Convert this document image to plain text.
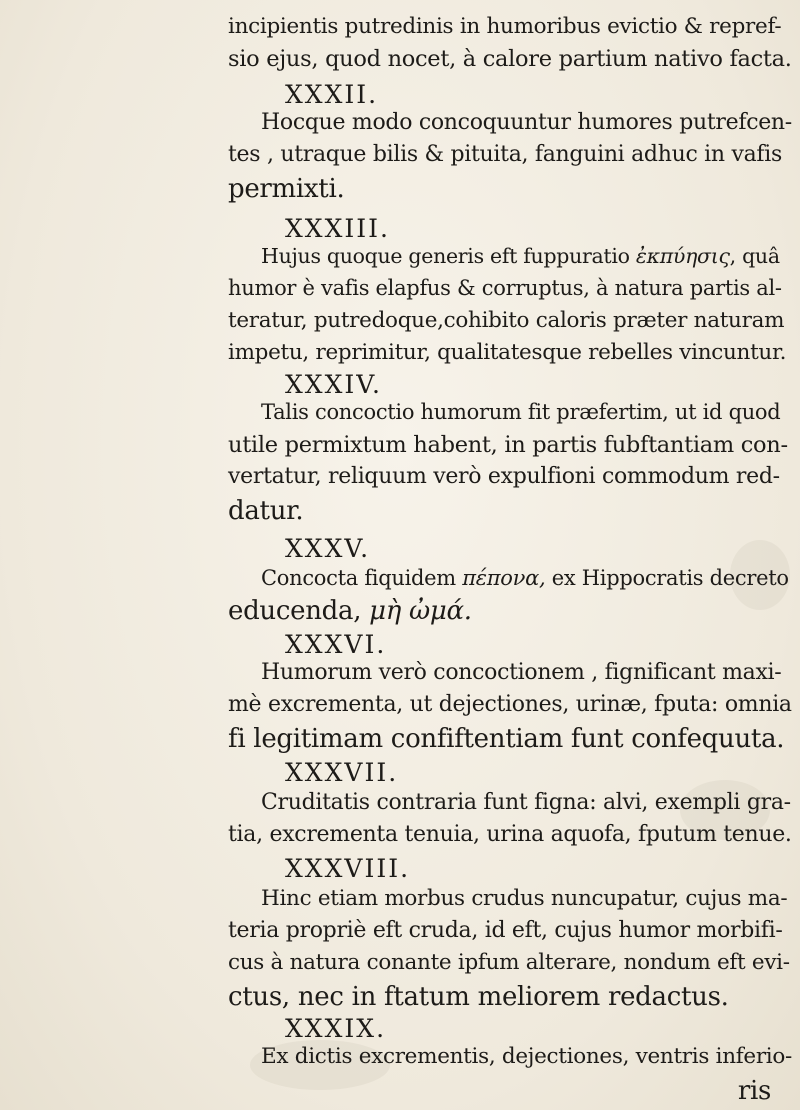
incipientis putredinis in humoribus evictio & repref-
sio ejus, quod nocet, à calore partium nativo facta.
XXXII.
Hocque modo concoquuntur humores putrefcen-
tes , utraque bilis & pituita, fanguini adhuc in vafis
permixti.
XXXIII.
Hujus quoque generis eft fuppuratio ἐκπύησις, quâ
humor è vafis elapfus & corruptus, à natura partis al-
teratur, putredoque,cohibito caloris præter naturam
impetu, reprimitur, qualitatesque rebelles vincuntur.
XXXIV.
Talis concoctio humorum fit præfertim, ut id quod
utile permixtum habent, in partis fubftantiam con-
vertatur, reliquum verò expulfioni commodum red-
datur.
XXXV.
Concocta fiquidem πέπονα, ex Hippocratis decreto
educenda, μὴ ὠμά.
XXXVI.
Humorum verò concoctionem , fignificant maxi-
mè excrementa, ut dejectiones, urinæ, fputa: omnia
fi legitimam confiftentiam funt confequuta.
XXXVII.
Cruditatis contraria funt figna: alvi, exempli gra-
tia, excrementa tenuia, urina aquofa, fputum tenue.
XXXVIII.
Hinc etiam morbus crudus nuncupatur, cujus ma-
teria propriè eft cruda, id eft, cujus humor morbifi-
cus à natura conante ipfum alterare, nondum eft evi-
ctus, nec in ftatum meliorem redactus.
XXXIX.
Ex dictis excrementis, dejectiones, ventris inferio-
ris
